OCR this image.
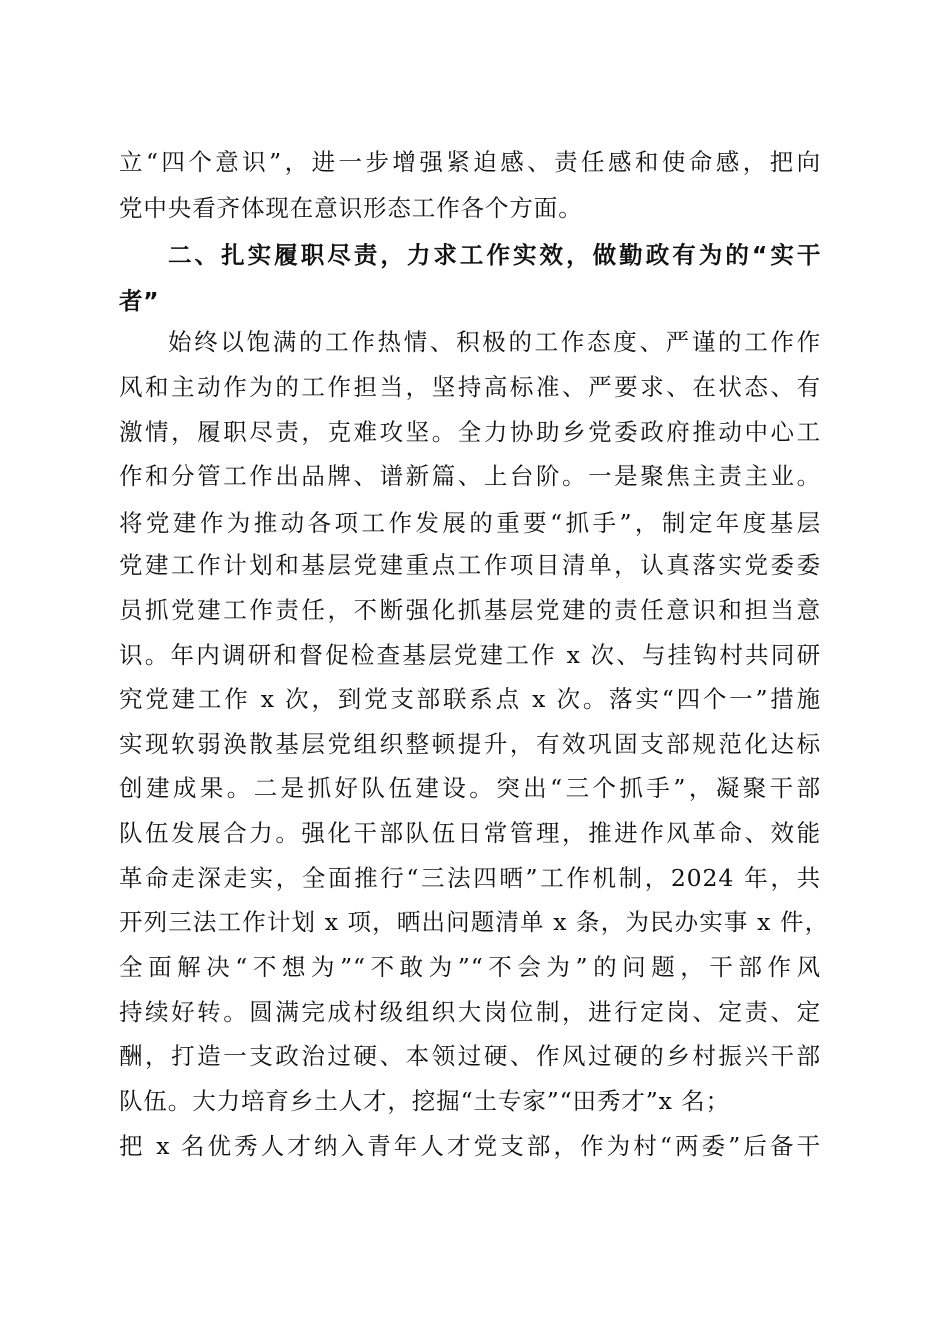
立“四个意识”，进一步增强紧迫感、责任感和使命感，把向
党中央看齐体现在意识形态工作各个方面。
二、扎实履职尽责，力求工作实效，做勤政有为的“实干
者”
始终以饱满的工作热情、积极的工作态度、严谨的工作作
风和主动作为的工作担当，坚持高标准、严要求、在状态、有
激情，履职尽责，克难攻坚。全力协助乡党委政府推动中心工
作和分管工作出品牌、谱新篇、上台阶。一是聚焦主责主业。
将党建作为推动各项工作发展的重要“抓手”，制定年度基层
党建工作计划和基层党建重点工作项目清单，认真落实党委委
员抓党建工作责任，不断强化抓基层党建的责任意识和担当意
识。年内调研和督促检查基层党建工作 x 次、与挂钩村共同研
究党建工作 x 次，到党支部联系点 x 次。落实“四个一”措施
实现软弱涣散基层党组织整顿提升，有效巩固支部规范化达标
创建成果。二是抓好队伍建设。突出“三个抓手”，凝聚干部
队伍发展合力。强化干部队伍日常管理，推进作风革命、效能
革命走深走实，全面推行“三法四晒”工作机制，2024 年，共
开列三法工作计划 x 项，晒出问题清单 x 条，为民办实事 x 件，
全面解决“不想为”“不敢为”“不会为”的问题，干部作风
持续好转。圆满完成村级组织大岗位制，进行定岗、定责、定
酬，打造一支政治过硬、本领过硬、作风过硬的乡村振兴干部
队伍。大力培育乡土人才，挖掘“土专家”“田秀才”x 名；
把 x 名优秀人才纳入青年人才党支部，作为村“两委”后备干
